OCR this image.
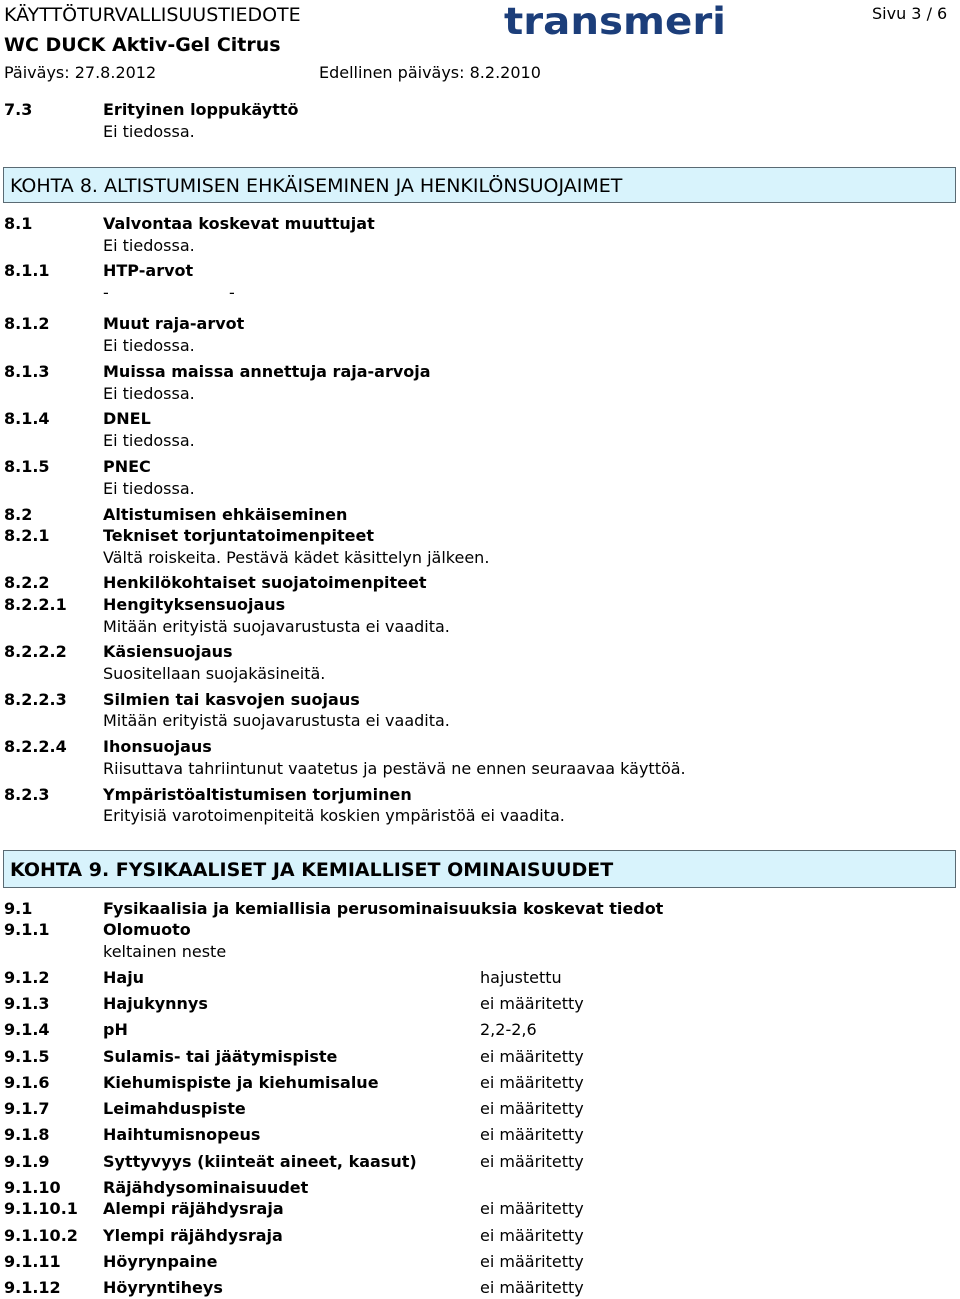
KÄYTTÖTURVALLISUUSTIEDOTE
WC DUCK Aktiv-Gel Citrus
Päiväys: 27.8.2012	Edellinen päiväys: 8.2.2010
Sivu 3 / 6
transmeri
7.3	Erityinen loppukäyttö
Ei tiedossa.
KOHTA 8. ALTISTUMISEN EHKÄISEMINEN JA HENKILÖNSUOJAIMET
8.1	Valvontaa koskevat muuttujat
Ei tiedossa.
8.1.1	HTP-arvot
-	-
8.1.2	Muut raja-arvot
Ei tiedossa.
8.1.3	Muissa maissa annettuja raja-arvoja
Ei tiedossa.
8.1.4	DNEL
Ei tiedossa.
8.1.5	PNEC
Ei tiedossa.
8.2	Altistumisen ehkäiseminen
8.2.1	Tekniset torjuntatoimenpiteet
Vältä roiskeita. Pestävä kädet käsittelyn jälkeen.
8.2.2	Henkilökohtaiset suojatoimenpiteet
8.2.2.1 Hengityksensuojaus
Mitään erityistä suojavarustusta ei vaadita.
8.2.2.2 Käsiensuojaus
Suositellaan suojakäsineitä.
8.2.2.3 Silmien tai kasvojen suojaus
Mitään erityistä suojavarustusta ei vaadita.
8.2.2.4 Ihonsuojaus
Riisuttava tahriintunut vaatetus ja pestävä ne ennen seuraavaa käyttöä.
8.2.3	Ympäristöaltistumisen torjuminen
Erityisiä varotoimenpiteitä koskien ympäristöä ei vaadita.
KOHTA 9. FYSIKAALISET JA KEMIALLISET OMINAISUUDET
9.1	Fysikaalisia ja kemiallisia perusominaisuuksia koskevat tiedot
9.1.1	Olomuoto
keltainen neste
9.1.2	Haju	hajustettu
9.1.3	Hajukynnys	ei määritetty
9.1.4	pH	2,2-2,6
9.1.5	Sulamis- tai jäätymispiste	ei määritetty
9.1.6	Kiehumispiste ja kiehumisalue	ei määritetty
9.1.7	Leimahduspiste	ei määritetty
9.1.8	Haihtumisnopeus	ei määritetty
9.1.9	Syttyvyys (kiinteät aineet, kaasut)	ei määritetty
9.1.10	Räjähdysominaisuudet
9.1.10.1 Alempi räjähdysraja	ei määritetty
9.1.10.2 Ylempi räjähdysraja	ei määritetty
9.1.11	Höyrynpaine	ei määritetty
9.1.12	Höyryntiheys	ei määritetty
